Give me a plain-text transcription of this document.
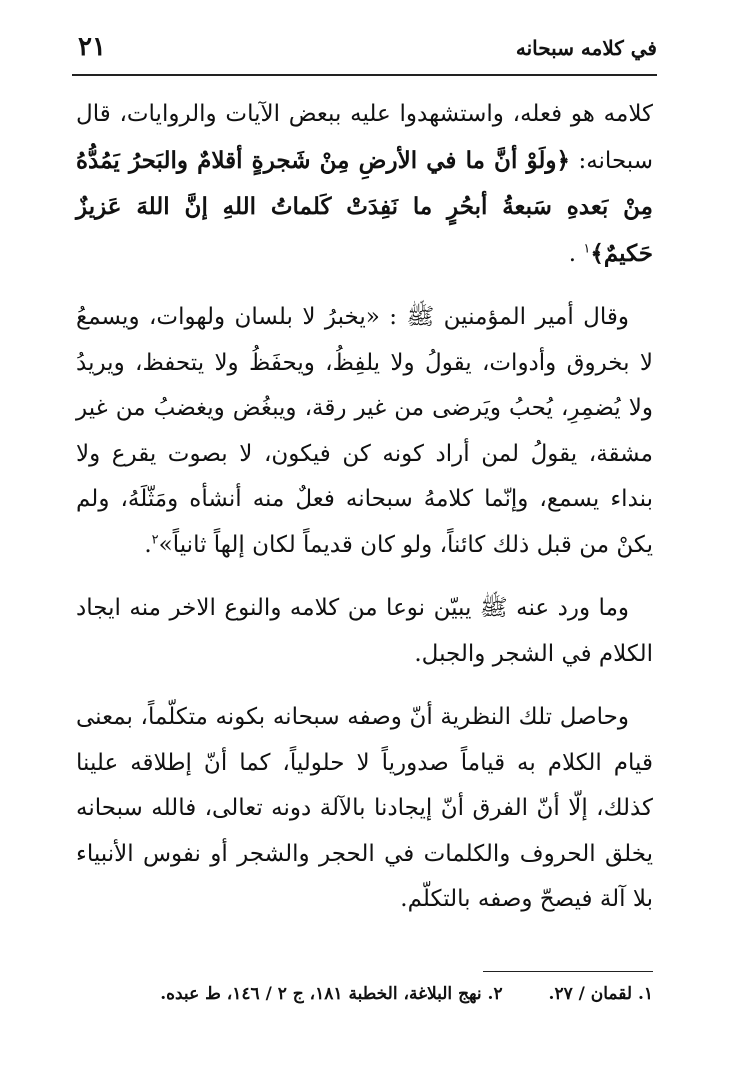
٢١	في كلامه سبحانه

كلامه هو فعله، واستشهدوا عليه ببعض الآيات والروايات، قال سبحانه: ﴿ولَوْ أنَّ ما في الأرضِ مِنْ شَجرةٍ أقلامٌ والبَحرُ يَمُدُّهُ مِنْ بَعدهِ سَبعةُ أبحُرٍ ما نَفِدَتْ كَلماتُ اللهِ إنَّ اللهَ عَزيزٌ حَكيمٌ﴾$^١$ .

وقال أمير المؤمنين ﷺ : «يخبرُ لا بلسان ولهوات، ويسمعُ لا بخروق وأدوات، يقولُ ولا يلفِظُ، ويحفَظُ ولا يتحفظ، ويريدُ ولا يُضمِرِ، يُحبُ ويَرضى من غير رقة، ويبغُض ويغضبُ من غير مشقة، يقولُ لمن أراد كونه كن فيكون، لا بصوت يقرع ولا بنداء يسمع، وإنّما كلامهُ سبحانه فعلٌ منه أنشأه ومَثّلَهُ، ولم يكنْ من قبل ذلك كائناً، ولو كان قديماً لكان إلهاً ثانياً»$^٢$.

وما ورد عنه ﷺ يبيّن نوعا من كلامه والنوع الاخر منه ايجاد الكلام في الشجر والجبل.

وحاصل تلك النظرية أنّ وصفه سبحانه بكونه متكلّماً، بمعنى قيام الكلام به قياماً صدورياً لا حلولياً، كما أنّ إطلاقه علينا كذلك، إلّا أنّ الفرق أنّ إيجادنا بالآلة دونه تعالى، فالله سبحانه يخلق الحروف والكلمات في الحجر والشجر أو نفوس الأنبياء بلا آلة فيصحّ وصفه بالتكلّم.

١. لقمان / ٢٧. ٢. نهج البلاغة، الخطبة ١٨١، ج ٢ / ١٤٦، ط عبده.
